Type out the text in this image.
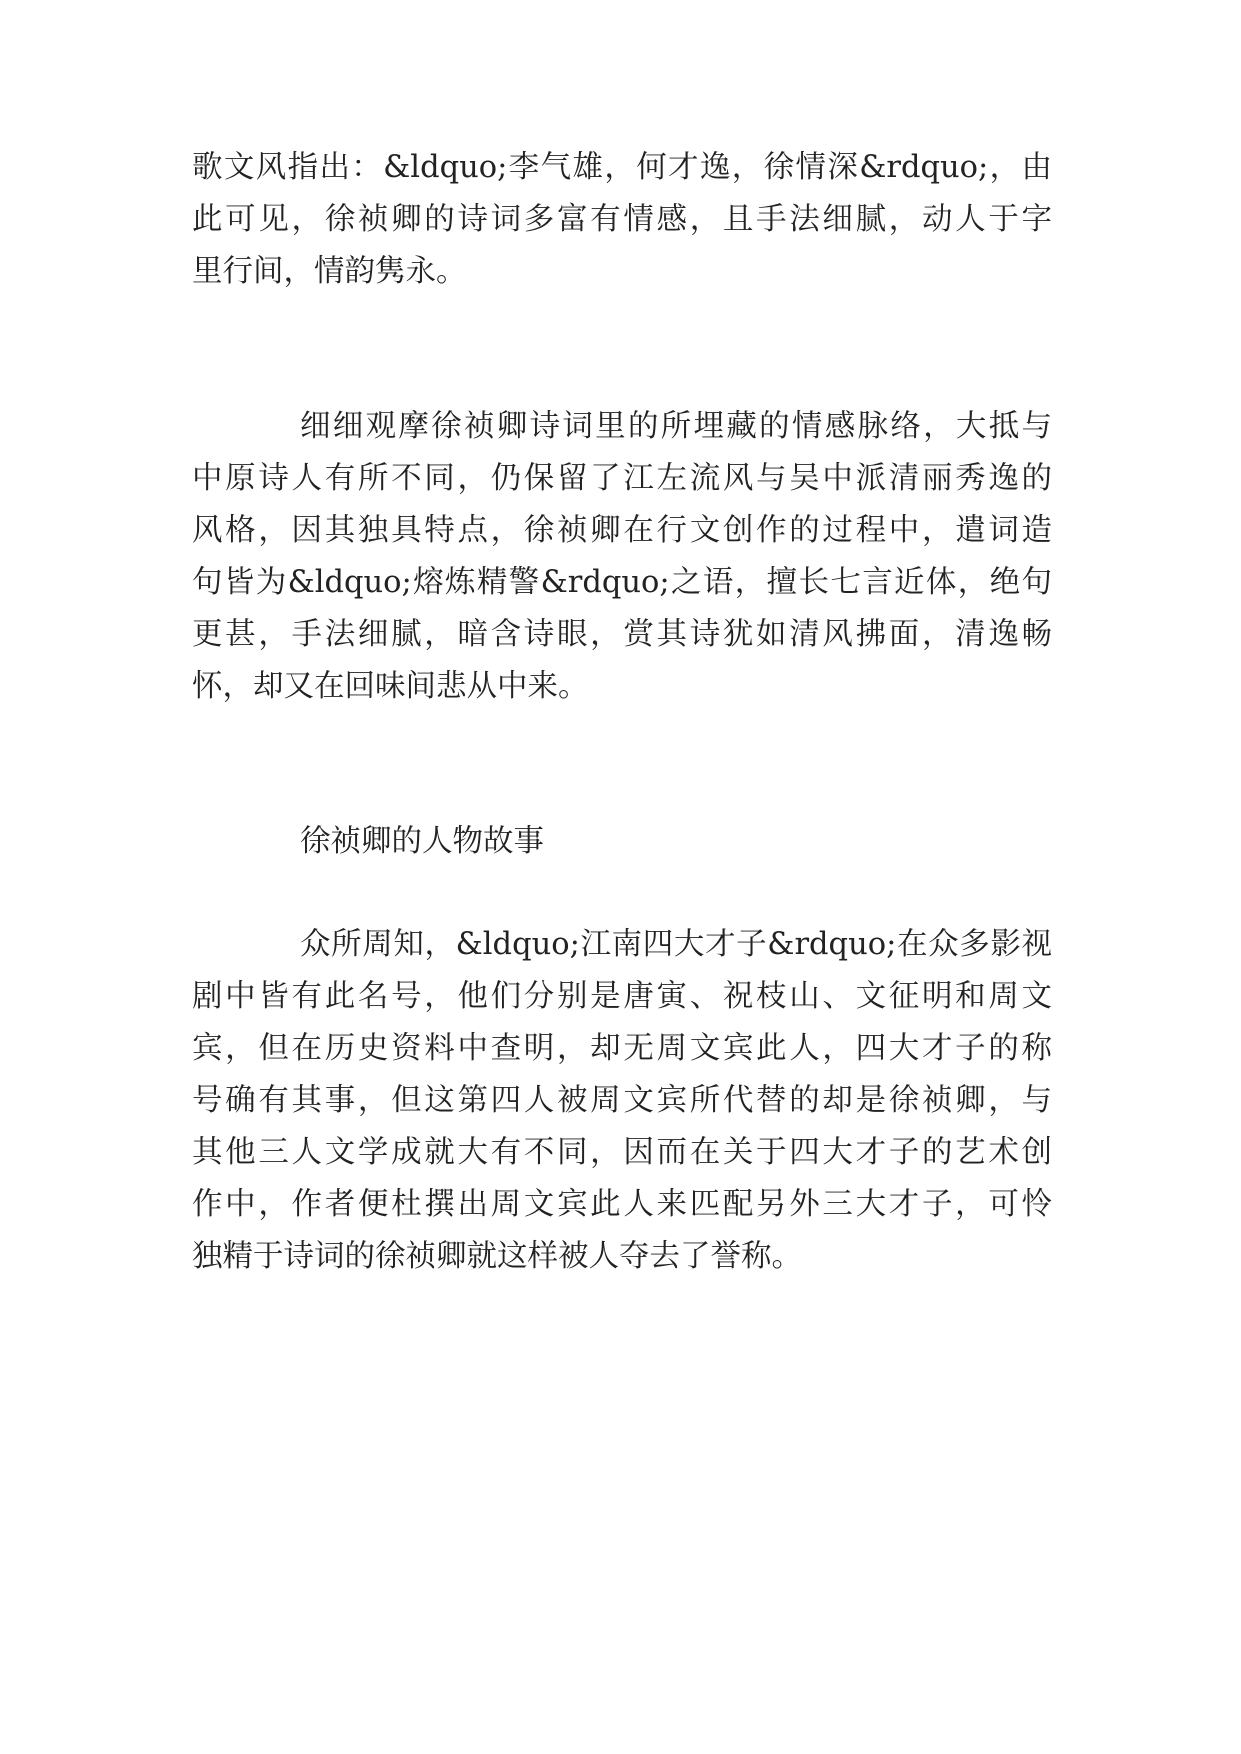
歌文风指出：&ldquo;李气雄，何才逸，徐情深&rdquo;，由
此可见，徐祯卿的诗词多富有情感，且手法细腻，动人于字
里行间，情韵隽永。
细细观摩徐祯卿诗词里的所埋藏的情感脉络，大抵与
中原诗人有所不同，仍保留了江左流风与吴中派清丽秀逸的
风格，因其独具特点，徐祯卿在行文创作的过程中，遣词造
句皆为&ldquo;熔炼精警&rdquo;之语，擅长七言近体，绝句
更甚，手法细腻，暗含诗眼，赏其诗犹如清风拂面，清逸畅
怀，却又在回味间悲从中来。
徐祯卿的人物故事
众所周知，&ldquo;江南四大才子&rdquo;在众多影视
剧中皆有此名号，他们分别是唐寅、祝枝山、文征明和周文
宾，但在历史资料中查明，却无周文宾此人，四大才子的称
号确有其事，但这第四人被周文宾所代替的却是徐祯卿，与
其他三人文学成就大有不同，因而在关于四大才子的艺术创
作中，作者便杜撰出周文宾此人来匹配另外三大才子，可怜
独精于诗词的徐祯卿就这样被人夺去了誉称。
